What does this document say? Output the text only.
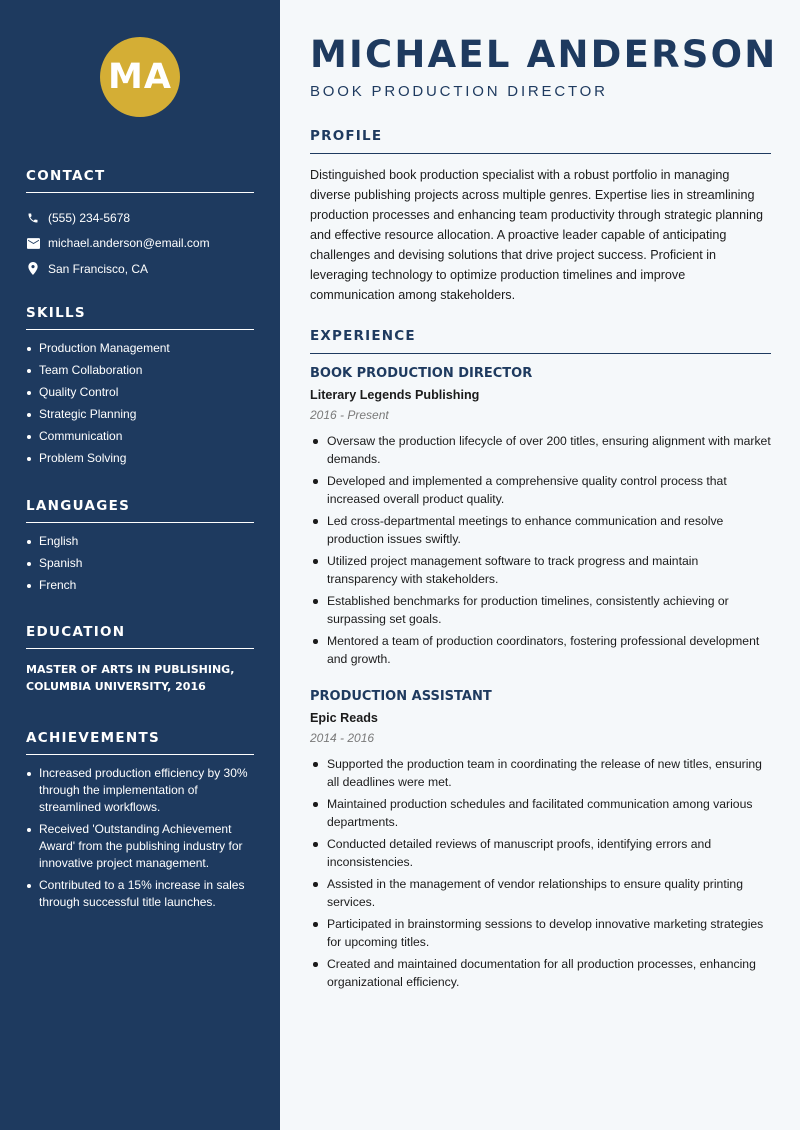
MA
CONTACT
(555) 234-5678
michael.anderson@email.com
San Francisco, CA
SKILLS
Production Management
Team Collaboration
Quality Control
Strategic Planning
Communication
Problem Solving
LANGUAGES
English
Spanish
French
EDUCATION
MASTER OF ARTS IN PUBLISHING,
COLUMBIA UNIVERSITY, 2016
ACHIEVEMENTS
Increased production efficiency by 30% through the implementation of streamlined workflows.
Received 'Outstanding Achievement Award' from the publishing industry for innovative project management.
Contributed to a 15% increase in sales through successful title launches.
MICHAEL ANDERSON
BOOK PRODUCTION DIRECTOR
PROFILE

Distinguished book production specialist with a robust portfolio in managing diverse publishing projects across multiple genres. Expertise lies in streamlining production processes and enhancing team productivity through strategic planning and effective resource allocation. A proactive leader capable of anticipating challenges and devising solutions that drive project success. Proficient in leveraging technology to optimize production timelines and improve communication among stakeholders.

EXPERIENCE
BOOK PRODUCTION DIRECTOR
Literary Legends Publishing
2016 - Present
Oversaw the production lifecycle of over 200 titles, ensuring alignment with market demands.
Developed and implemented a comprehensive quality control process that increased overall product quality.
Led cross-departmental meetings to enhance communication and resolve production issues swiftly.
Utilized project management software to track progress and maintain transparency with stakeholders.
Established benchmarks for production timelines, consistently achieving or surpassing set goals.
Mentored a team of production coordinators, fostering professional development and growth.
PRODUCTION ASSISTANT
Epic Reads
2014 - 2016
Supported the production team in coordinating the release of new titles, ensuring all deadlines were met.
Maintained production schedules and facilitated communication among various departments.
Conducted detailed reviews of manuscript proofs, identifying errors and inconsistencies.
Assisted in the management of vendor relationships to ensure quality printing services.
Participated in brainstorming sessions to develop innovative marketing strategies for upcoming titles.
Created and maintained documentation for all production processes, enhancing organizational efficiency.
